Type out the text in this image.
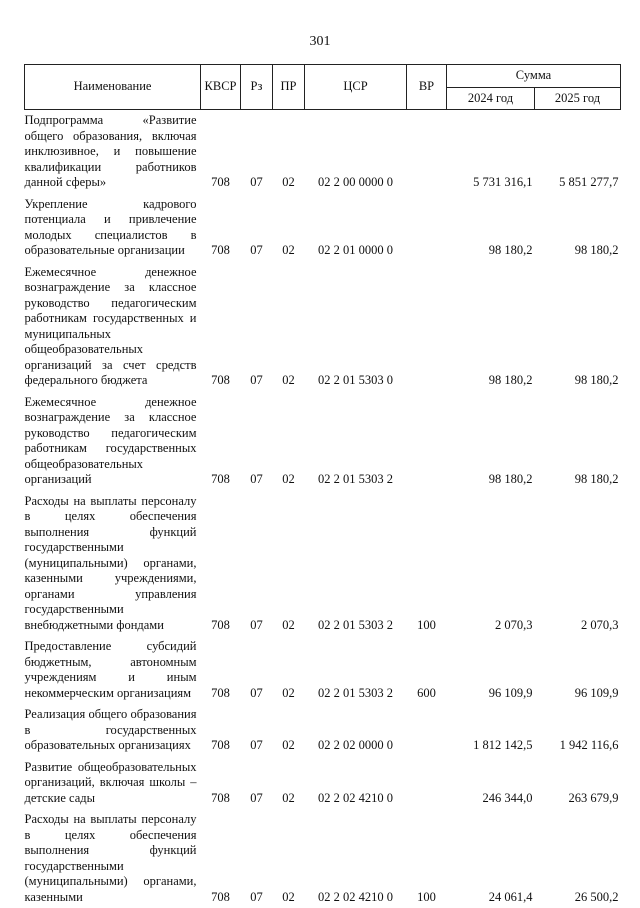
301
Наименование	КВСР	Рз	ПР	ЦСР	ВР	Сумма	
						2024 год	2025 год
Подпрограмма «Развитие общего образования, включая инклюзивное, и повышение квалификации работников данной сферы»	708	07	02	02 2 00 0000 0		5 731 316,1	5 851 277,7
Укрепление кадрового потенциала и привлечение молодых специалистов в образовательные организации	708	07	02	02 2 01 0000 0		98 180,2	98 180,2
Ежемесячное денежное вознаграждение за классное руководство педагогическим работникам государственных и муниципальных общеобразовательных организаций за счет средств федерального бюджета	708	07	02	02 2 01 5303 0		98 180,2	98 180,2
Ежемесячное денежное вознаграждение за классное руководство педагогическим работникам государственных общеобразовательных организаций	708	07	02	02 2 01 5303 2		98 180,2	98 180,2
Расходы на выплаты персоналу в целях обеспечения выполнения функций государственными (муниципальными) органами, казенными учреждениями, органами управления государственными внебюджетными фондами	708	07	02	02 2 01 5303 2	100	2 070,3	2 070,3
Предоставление субсидий бюджетным, автономным учреждениям и иным некоммерческим организациям	708	07	02	02 2 01 5303 2	600	96 109,9	96 109,9
Реализация общего образования в государственных образовательных организациях	708	07	02	02 2 02 0000 0		1 812 142,5	1 942 116,6
Развитие общеобразовательных организаций, включая школы – детские сады	708	07	02	02 2 02 4210 0		246 344,0	263 679,9
Расходы на выплаты персоналу в целях обеспечения выполнения функций государственными (муниципальными) органами, казенными	708	07	02	02 2 02 4210 0	100	24 061,4	26 500,2
